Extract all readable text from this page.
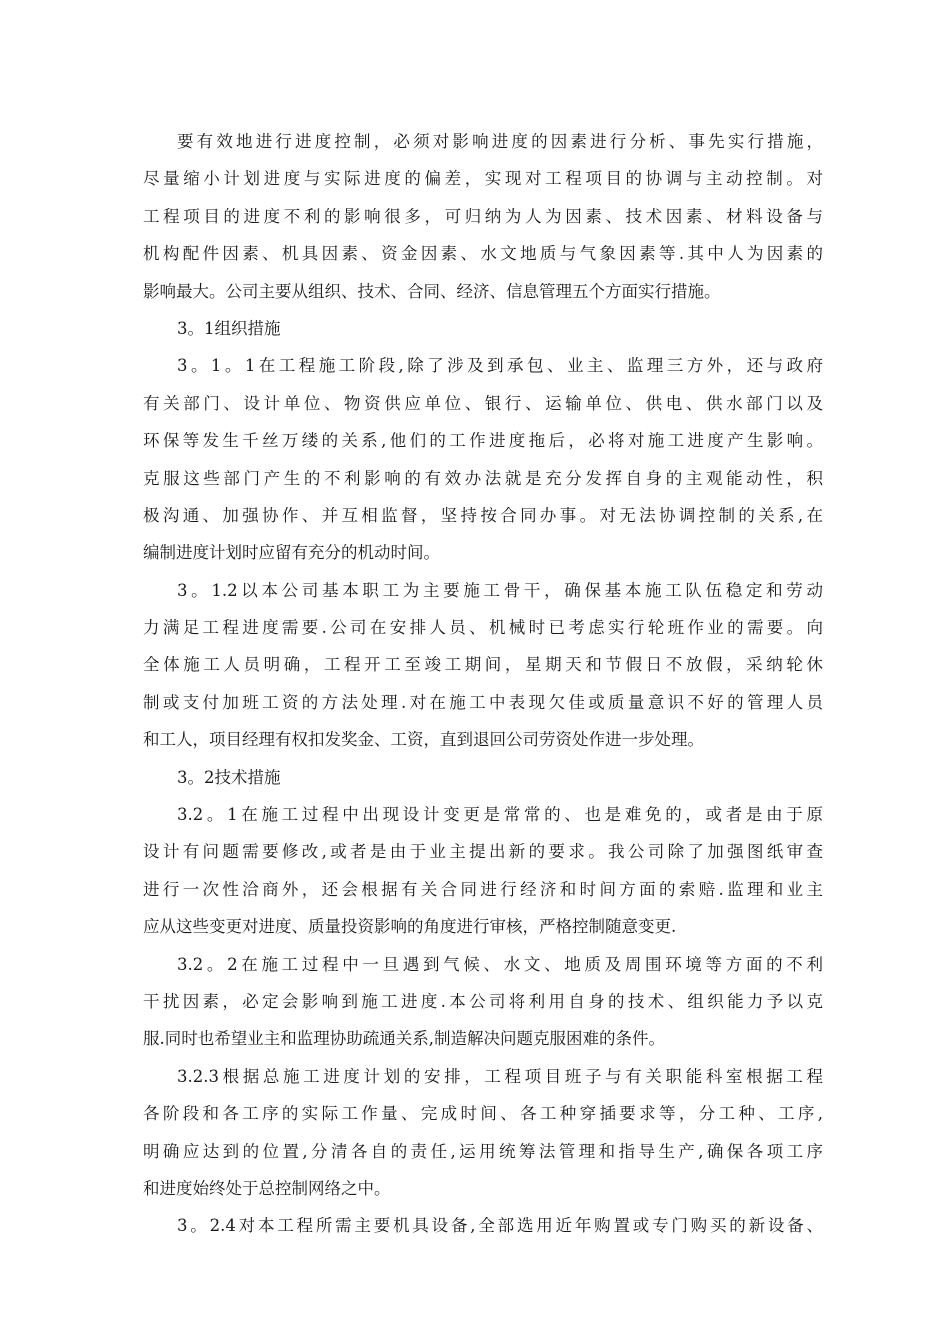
要有效地进行进度控制，必须对影响进度的因素进行分析、事先实行措施，
尽量缩小计划进度与实际进度的偏差，实现对工程项目的协调与主动控制。对
工程项目的进度不利的影响很多，可归纳为人为因素、技术因素、材料设备与
机构配件因素、机具因素、资金因素、水文地质与气象因素等.其中人为因素的
影响最大。公司主要从组织、技术、合同、经济、信息管理五个方面实行措施。
3。1组织措施
3。1。1在工程施工阶段,除了涉及到承包、业主、监理三方外，还与政府
有关部门、设计单位、物资供应单位、银行、运输单位、供电、供水部门以及
环保等发生千丝万缕的关系,他们的工作进度拖后，必将对施工进度产生影响。
克服这些部门产生的不利影响的有效办法就是充分发挥自身的主观能动性，积
极沟通、加强协作、并互相监督，坚持按合同办事。对无法协调控制的关系,在
编制进度计划时应留有充分的机动时间。
3。1.2以本公司基本职工为主要施工骨干，确保基本施工队伍稳定和劳动
力满足工程进度需要.公司在安排人员、机械时已考虑实行轮班作业的需要。向
全体施工人员明确，工程开工至竣工期间，星期天和节假日不放假，采纳轮休
制或支付加班工资的方法处理.对在施工中表现欠佳或质量意识不好的管理人员
和工人，项目经理有权扣发奖金、工资，直到退回公司劳资处作进一步处理。
3。2技术措施
3.2。1在施工过程中出现设计变更是常常的、也是难免的，或者是由于原
设计有问题需要修改,或者是由于业主提出新的要求。我公司除了加强图纸审查
进行一次性洽商外，还会根据有关合同进行经济和时间方面的索赔.监理和业主
应从这些变更对进度、质量投资影响的角度进行审核，严格控制随意变更.
3.2。2在施工过程中一旦遇到气候、水文、地质及周围环境等方面的不利
干扰因素，必定会影响到施工进度.本公司将利用自身的技术、组织能力予以克
服.同时也希望业主和监理协助疏通关系,制造解决问题克服困难的条件。
3.2.3根据总施工进度计划的安排，工程项目班子与有关职能科室根据工程
各阶段和各工序的实际工作量、完成时间、各工种穿插要求等，分工种、工序,
明确应达到的位置,分清各自的责任,运用统筹法管理和指导生产,确保各项工序
和进度始终处于总控制网络之中。
3。2.4对本工程所需主要机具设备,全部选用近年购置或专门购买的新设备、
